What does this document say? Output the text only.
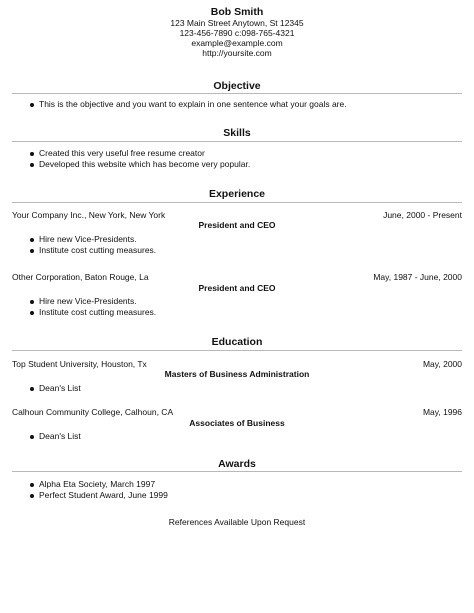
Bob Smith
123 Main Street Anytown, St 12345
123-456-7890 c:098-765-4321
example@example.com
http://yoursite.com
Objective
This is the objective and you want to explain in one sentence what your goals are.
Skills
Created this very useful free resume creator
Developed this website which has become very popular.
Experience
Your Company Inc., New York, New York	June, 2000 - Present
President and CEO
Hire new Vice-Presidents.
Institute cost cutting measures.
Other Corporation, Baton Rouge, La	May, 1987 - June, 2000
President and CEO
Hire new Vice-Presidents.
Institute cost cutting measures.
Education
Top Student University, Houston, Tx	May, 2000
Masters of Business Administration
Dean's List
Calhoun Community College, Calhoun, CA	May, 1996
Associates of Business
Dean's List
Awards
Alpha Eta Society, March 1997
Perfect Student Award, June 1999
References Available Upon Request
